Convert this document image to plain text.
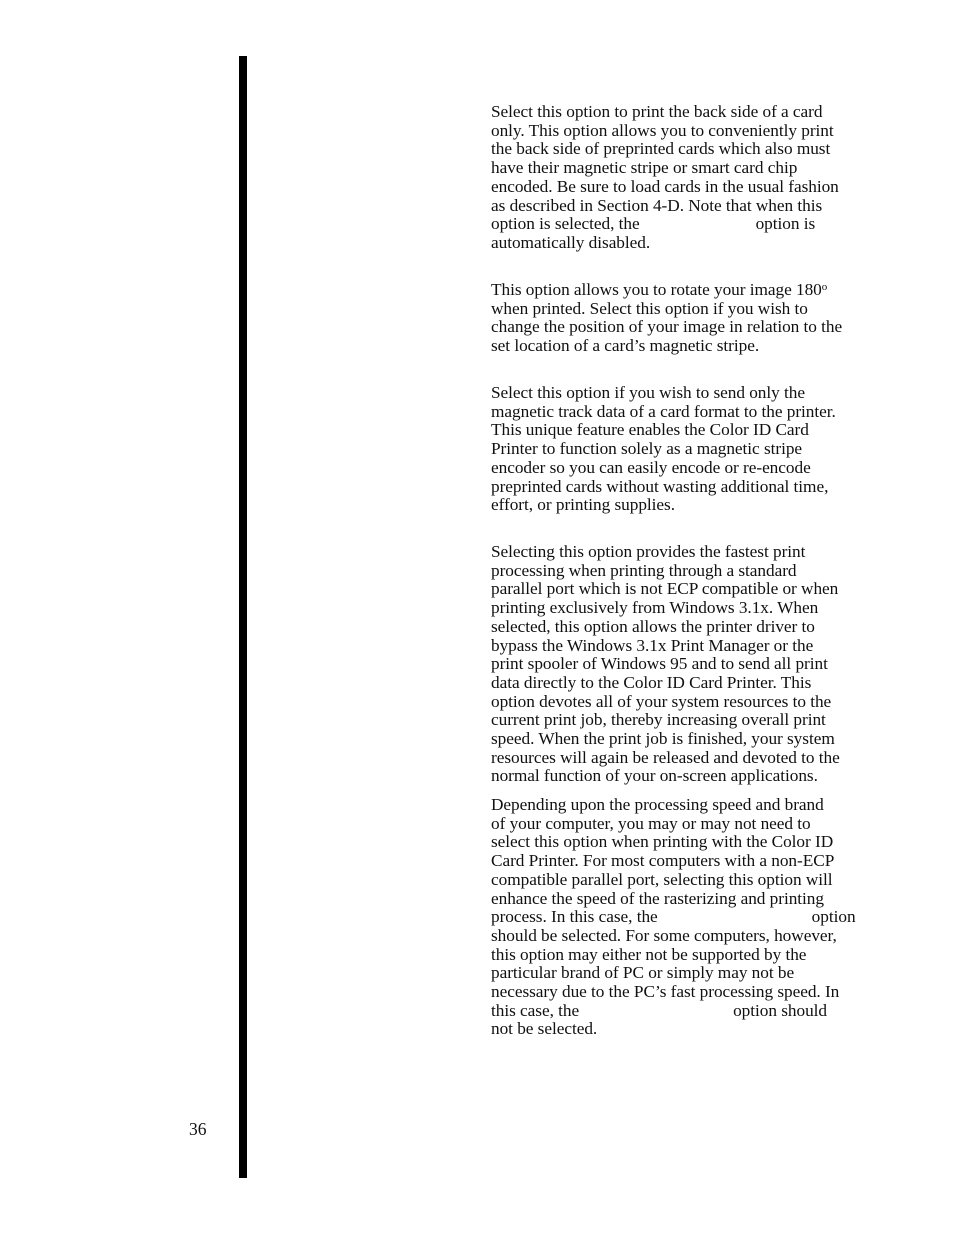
36

Select this option to print the back side of a card
only. This option allows you to conveniently print
the back side of preprinted cards which also must
have their magnetic stripe or smart card chip
encoded. Be sure to load cards in the usual fashion
as described in Section 4-D. Note that when this
option is selected, the	option is
automatically disabled.

This option allows you to rotate your image 180$^o$
when printed. Select this option if you wish to
change the position of your image in relation to the
set location of a card’s magnetic stripe.

Select this option if you wish to send only the
magnetic track data of a card format to the printer.
This unique feature enables the Color ID Card
Printer to function solely as a magnetic stripe
encoder so you can easily encode or re-encode
preprinted cards without wasting additional time,
effort, or printing supplies.

Selecting this option provides the fastest print
processing when printing through a standard
parallel port which is not ECP compatible or when
printing exclusively from Windows 3.1x. When
selected, this option allows the printer driver to
bypass the Windows 3.1x Print Manager or the
print spooler of Windows 95 and to send all print
data directly to the Color ID Card Printer. This
option devotes all of your system resources to the
current print job, thereby increasing overall print
speed. When the print job is finished, your system
resources will again be released and devoted to the
normal function of your on-screen applications.

Depending upon the processing speed and brand
of your computer, you may or may not need to
select this option when printing with the Color ID
Card Printer. For most computers with a non-ECP
compatible parallel port, selecting this option will
enhance the speed of the rasterizing and printing
process. In this case, the	option
should be selected. For some computers, however,
this option may either not be supported by the
particular brand of PC or simply may not be
necessary due to the PC’s fast processing speed. In
this case, the	option should
not be selected.
